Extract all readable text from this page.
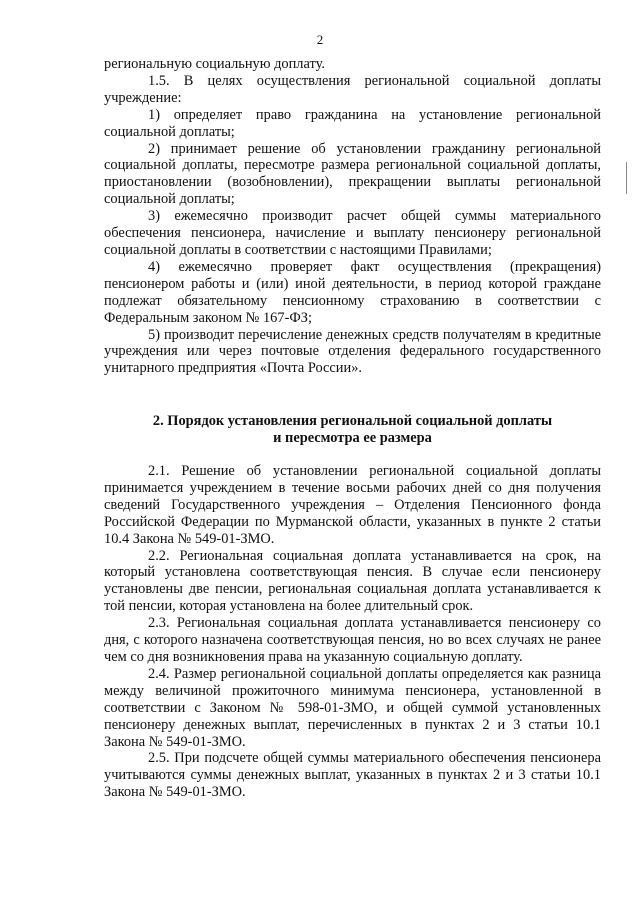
2

региональную социальную доплату.

1.5. В целях осуществления региональной социальной доплаты учреждение:

1) определяет право гражданина на установление региональной социальной доплаты;

2) принимает решение об установлении гражданину региональной социальной доплаты, пересмотре размера региональной социальной доплаты, приостановлении (возобновлении), прекращении выплаты региональной социальной доплаты;

3) ежемесячно производит расчет общей суммы материального обеспечения пенсионера, начисление и выплату пенсионеру региональной социальной доплаты в соответствии с настоящими Правилами;

4) ежемесячно проверяет факт осуществления (прекращения) пенсионером работы и (или) иной деятельности, в период которой граждане подлежат обязательному пенсионному страхованию в соответствии с Федеральным законом № 167-ФЗ;

5) производит перечисление денежных средств получателям в кредитные учреждения или через почтовые отделения федерального государственного унитарного предприятия «Почта России».

2. Порядок установления региональной социальной доплаты

и пересмотра ее размера

2.1. Решение об установлении региональной социальной доплаты принимается учреждением в течение восьми рабочих дней со дня получения сведений Государственного учреждения – Отделения Пенсионного фонда Российской Федерации по Мурманской области, указанных в пункте 2 статьи 10.4 Закона № 549-01-ЗМО.

2.2. Региональная социальная доплата устанавливается на срок, на который установлена соответствующая пенсия. В случае если пенсионеру установлены две пенсии, региональная социальная доплата устанавливается к той пенсии, которая установлена на более длительный срок.

2.3. Региональная социальная доплата устанавливается пенсионеру со дня, с которого назначена соответствующая пенсия, но во всех случаях не ранее чем со дня возникновения права на указанную социальную доплату.

2.4. Размер региональной социальной доплаты определяется как разница между величиной прожиточного минимума пенсионера, установленной в соответствии с Законом № 598-01-ЗМО, и общей суммой установленных пенсионеру денежных выплат, перечисленных в пунктах 2 и 3 статьи 10.1 Закона № 549-01-ЗМО.

2.5. При подсчете общей суммы материального обеспечения пенсионера учитываются суммы денежных выплат, указанных в пунктах 2 и 3 статьи 10.1 Закона № 549-01-ЗМО.
